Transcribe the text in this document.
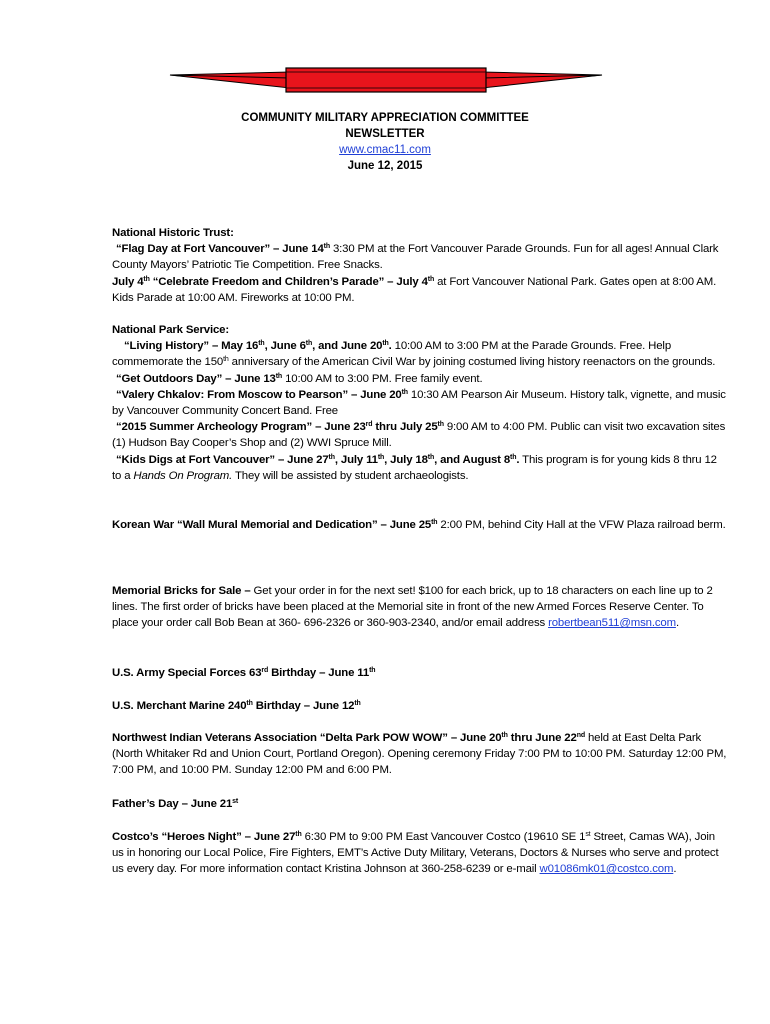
COMMUNITY MILITARY APPRECIATION COMMITTEE
NEWSLETTER
www.cmac11.com
June 12, 2015

National Historic Trust:

“Flag Day at Fort Vancouver” – June 14th 3:30 PM at the Fort Vancouver Parade Grounds. Fun for all ages! Annual Clark County Mayors’ Patriotic Tie Competition. Free Snacks.

July 4th “Celebrate Freedom and Children’s Parade” – July 4th at Fort Vancouver National Park. Gates open at 8:00 AM. Kids Parade at 10:00 AM. Fireworks at 10:00 PM.

National Park Service:

“Living History” – May 16th, June 6th, and June 20th. 10:00 AM to 3:00 PM at the Parade Grounds. Free. Help commemorate the 150th anniversary of the American Civil War by joining costumed living history reenactors on the grounds.

“Get Outdoors Day” – June 13th 10:00 AM to 3:00 PM. Free family event.

“Valery Chkalov: From Moscow to Pearson” – June 20th 10:30 AM Pearson Air Museum. History talk, vignette, and music by Vancouver Community Concert Band. Free

“2015 Summer Archeology Program” – June 23rd thru July 25th 9:00 AM to 4:00 PM. Public can visit two excavation sites (1) Hudson Bay Cooper’s Shop and (2) WWI Spruce Mill.

“Kids Digs at Fort Vancouver” – June 27th, July 11th, July 18th, and August 8th. This program is for young kids 8 thru 12 to a Hands On Program. They will be assisted by student archaeologists.

Korean War “Wall Mural Memorial and Dedication” – June 25th 2:00 PM, behind City Hall at the VFW Plaza railroad berm.

Memorial Bricks for Sale – Get your order in for the next set! $100 for each brick, up to 18 characters on each line up to 2 lines. The first order of bricks have been placed at the Memorial site in front of the new Armed Forces Reserve Center. To place your order call Bob Bean at 360- 696-2326 or 360-903-2340, and/or email address robertbean511@msn.com.

U.S. Army Special Forces 63rd Birthday – June 11th

U.S. Merchant Marine 240th Birthday – June 12th

Northwest Indian Veterans Association “Delta Park POW WOW” – June 20th thru June 22nd held at East Delta Park (North Whitaker Rd and Union Court, Portland Oregon). Opening ceremony Friday 7:00 PM to 10:00 PM. Saturday 12:00 PM, 7:00 PM, and 10:00 PM. Sunday 12:00 PM and 6:00 PM.

Father’s Day – June 21st

Costco’s “Heroes Night” – June 27th 6:30 PM to 9:00 PM East Vancouver Costco (19610 SE 1st Street, Camas WA), Join us in honoring our Local Police, Fire Fighters, EMT’s Active Duty Military, Veterans, Doctors & Nurses who serve and protect us every day. For more information contact Kristina Johnson at 360-258-6239 or e-mail w01086mk01@costco.com.
